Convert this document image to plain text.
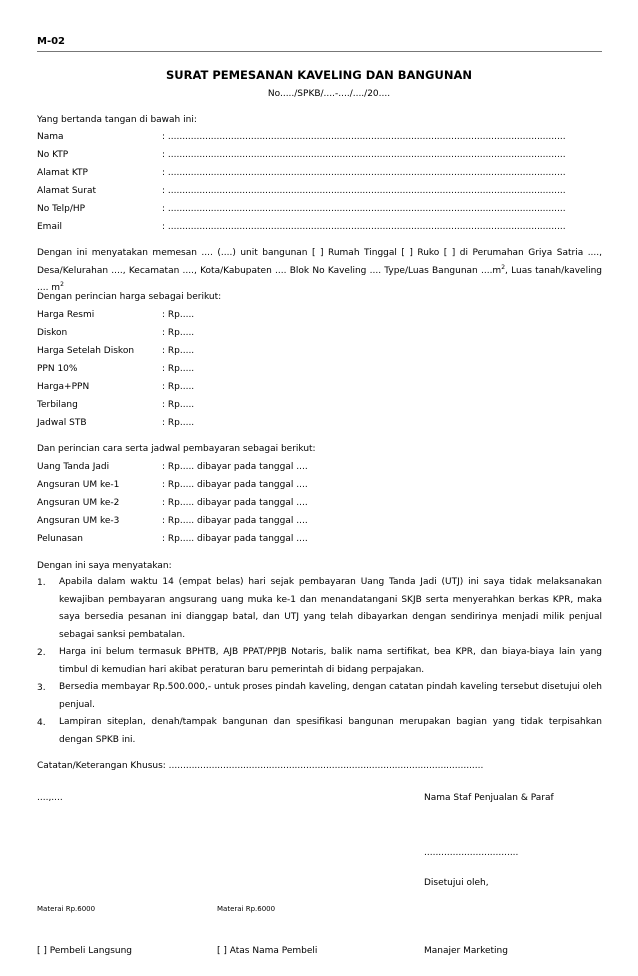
M-02
SURAT PEMESANAN KAVELING DAN BANGUNAN
No...../SPKB/....-..../..../20....
Yang bertanda tangan di bawah ini:
Nama	: ...........................................................................................................................................
No KTP	: ...........................................................................................................................................
Alamat KTP	: ...........................................................................................................................................
Alamat Surat	: ...........................................................................................................................................
No Telp/HP	: ...........................................................................................................................................
Email	: ...........................................................................................................................................
Dengan ini menyatakan memesan .... (....) unit bangunan [ ] Rumah Tinggal [ ] Ruko [ ] di Perumahan Griya Satria ...., Desa/Kelurahan ...., Kecamatan ...., Kota/Kabupaten .... Blok No Kaveling .... Type/Luas Bangunan $....m^2$, Luas tanah/kaveling .... $m^2$
Dengan perincian harga sebagai berikut:
Harga Resmi	: Rp.....
Diskon	: Rp.....
Harga Setelah Diskon	: Rp.....
PPN 10%	: Rp.....
Harga+PPN	: Rp.....
Terbilang	: Rp.....
Jadwal STB	: Rp.....
Dan perincian cara serta jadwal pembayaran sebagai berikut:
Uang Tanda Jadi	: Rp..... dibayar pada tanggal ....
Angsuran UM ke-1	: Rp..... dibayar pada tanggal ....
Angsuran UM ke-2	: Rp..... dibayar pada tanggal ....
Angsuran UM ke-3	: Rp..... dibayar pada tanggal ....
Pelunasan	: Rp..... dibayar pada tanggal ....
Dengan ini saya menyatakan:
1. Apabila dalam waktu 14 (empat belas) hari sejak pembayaran Uang Tanda Jadi (UTJ) ini saya tidak melaksanakan kewajiban pembayaran angsurang uang muka ke-1 dan menandatangani SKJB serta menyerahkan berkas KPR, maka saya bersedia pesanan ini dianggap batal, dan UTJ yang telah dibayarkan dengan sendirinya menjadi milik penjual sebagai sanksi pembatalan.
2. Harga ini belum termasuk BPHTB, AJB PPAT/PPJB Notaris, balik nama sertifikat, bea KPR, dan biaya-biaya lain yang timbul di kemudian hari akibat peraturan baru pemerintah di bidang perpajakan.
3. Bersedia membayar Rp.500.000,- untuk proses pindah kaveling, dengan catatan pindah kaveling tersebut disetujui oleh penjual.
4. Lampiran siteplan, denah/tampak bangunan dan spesifikasi bangunan merupakan bagian yang tidak terpisahkan dengan SPKB ini.
Catatan/Keterangan Khusus: ..............................................................................................................
....,....	Nama Staf Penjualan & Paraf
.................................
Disetujui oleh,
Materai Rp.6000	Materai Rp.6000
[ ] Pembeli Langsung	[ ] Atas Nama Pembeli	Manajer Marketing
